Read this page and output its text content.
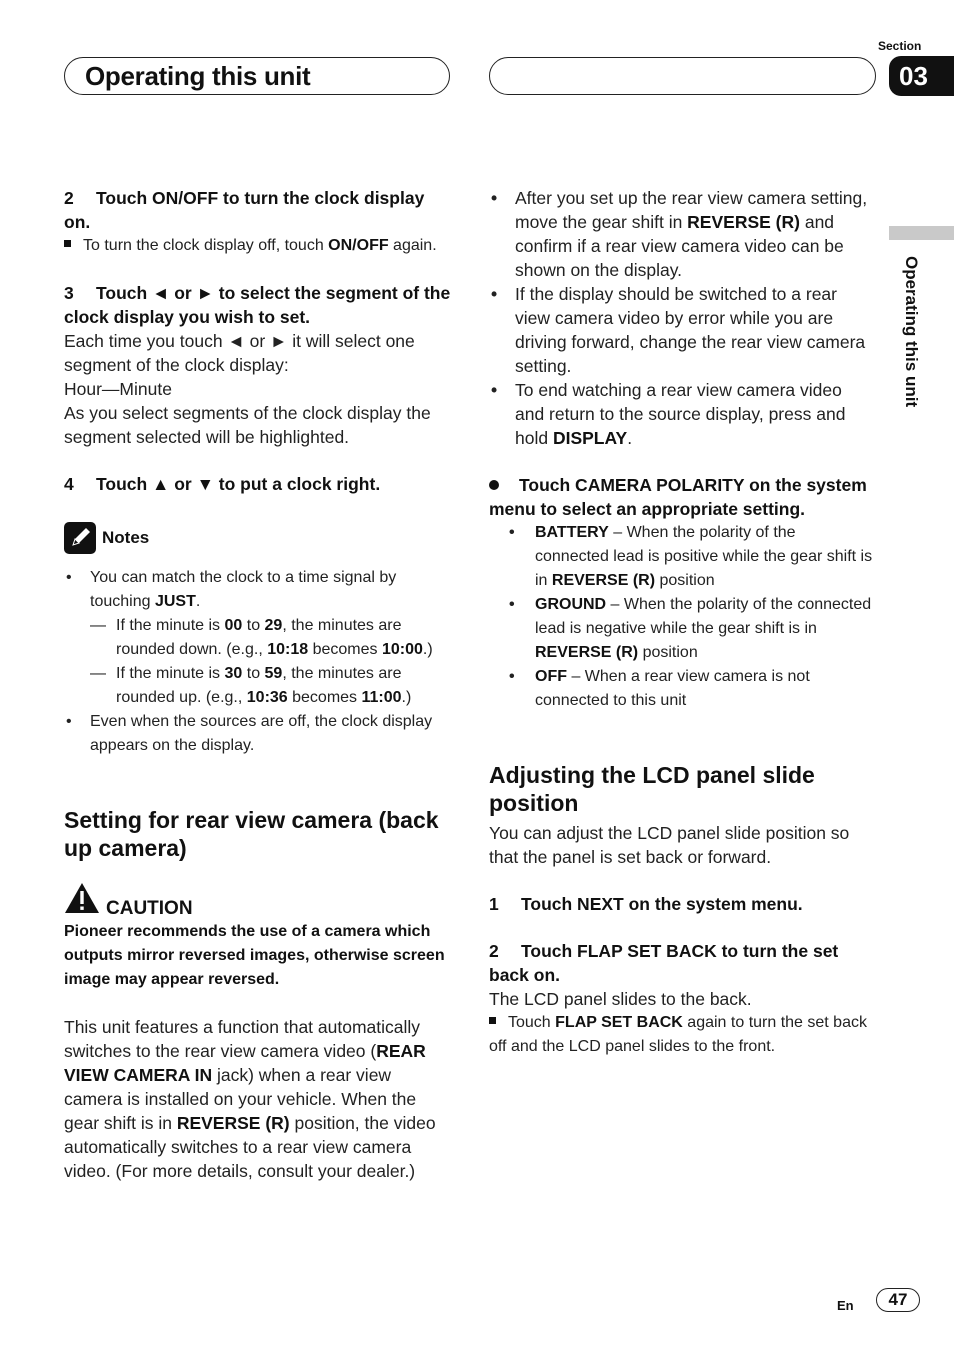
Operating this unit
Section
03
Operating this unit
2 Touch ON/OFF to turn the clock display on.
To turn the clock display off, touch ON/OFF again.
3 Touch ◄ or ► to select the segment of the clock display you wish to set.
Each time you touch ◄ or ► it will select one segment of the clock display:
Hour—Minute
As you select segments of the clock display the segment selected will be highlighted.
4 Touch ▲ or ▼ to put a clock right.
Notes
• You can match the clock to a time signal by touching JUST.
— If the minute is 00 to 29, the minutes are rounded down. (e.g., 10:18 becomes 10:00.)
— If the minute is 30 to 59, the minutes are rounded up. (e.g., 10:36 becomes 11:00.)
• Even when the sources are off, the clock display appears on the display.
Setting for rear view camera (back up camera)
CAUTION
Pioneer recommends the use of a camera which outputs mirror reversed images, otherwise screen image may appear reversed.
This unit features a function that automatically switches to the rear view camera video (REAR VIEW CAMERA IN jack) when a rear view camera is installed on your vehicle. When the gear shift is in REVERSE (R) position, the video automatically switches to a rear view camera video. (For more details, consult your dealer.)
• After you set up the rear view camera setting, move the gear shift in REVERSE (R) and confirm if a rear view camera video can be shown on the display.
• If the display should be switched to a rear view camera video by error while you are driving forward, change the rear view camera setting.
• To end watching a rear view camera video and return to the source display, press and hold DISPLAY.
Touch CAMERA POLARITY on the system menu to select an appropriate setting.
• BATTERY – When the polarity of the connected lead is positive while the gear shift is in REVERSE (R) position
• GROUND – When the polarity of the connected lead is negative while the gear shift is in REVERSE (R) position
• OFF – When a rear view camera is not connected to this unit
Adjusting the LCD panel slide position
You can adjust the LCD panel slide position so that the panel is set back or forward.
1 Touch NEXT on the system menu.
2 Touch FLAP SET BACK to turn the set back on.
The LCD panel slides to the back.
Touch FLAP SET BACK again to turn the set back off and the LCD panel slides to the front.
En	47
